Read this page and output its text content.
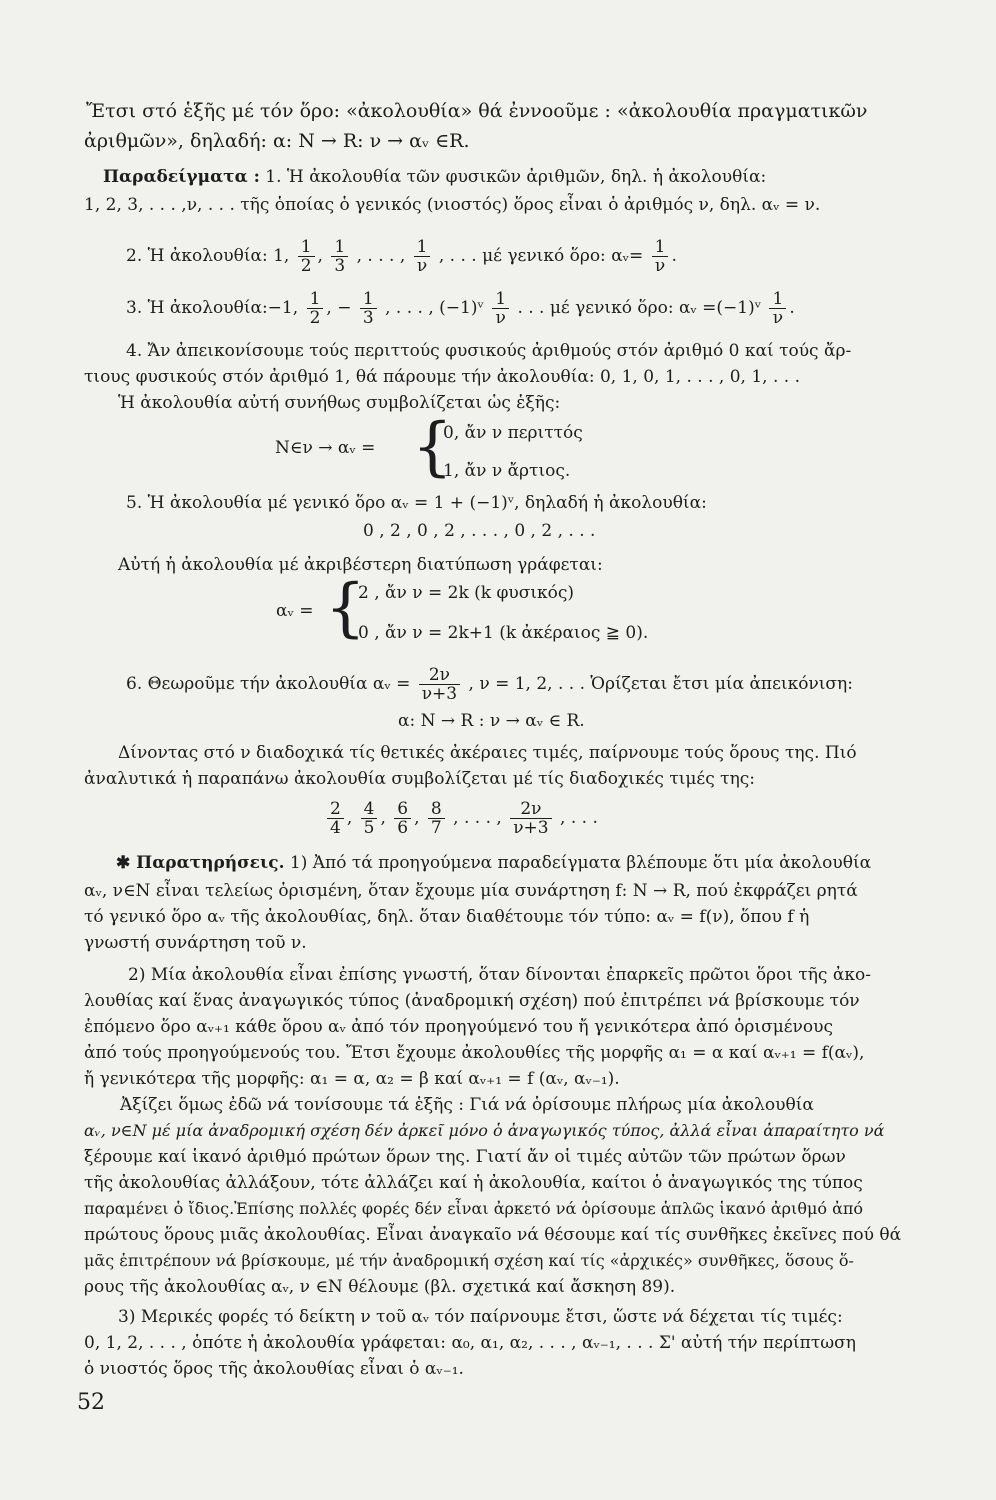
Ἔτσι στό ἑξῆς μέ τόν ὅρο: «ἀκολουθία» θά ἐννοοῦμε : «ἀκολουθία πραγματικῶν
ἀριθμῶν», δηλαδή: α: N → R: ν → αᵥ ∈R.
Παραδείγματα : 1. Ἡ ἀκολουθία τῶν φυσικῶν ἀριθμῶν, δηλ. ἡ ἀκολουθία:
1, 2, 3, . . . ,ν, . . . τῆς ὁποίας ὁ γενικός (νιοστός) ὅρος εἶναι ὁ ἀριθμός ν, δηλ. αᵥ = ν.
2. Ἡ ἀκολουθία: 1, $\frac{1}{2}$ , $\frac{1}{3}$ , . . . , $\frac{1}{\nu}$ , . . . μέ γενικό ὅρο: αᵥ= $\frac{1}{\nu}$ .
3. Ἡ ἀκολουθία:−1, $\frac{1}{2}$ , − $\frac{1}{3}$ , . . . , (−1)ᵛ $\frac{1}{\nu}$ . . . μέ γενικό ὅρο: αᵥ =(−1)ᵛ $\frac{1}{\nu}$ .
4. Ἄν ἀπεικονίσουμε τούς περιττούς φυσικούς ἀριθμούς στόν ἀριθμό 0 καί τούς ἄρ-
τιους φυσικούς στόν ἀριθμό 1, θά πάρουμε τήν ἀκολουθία: 0, 1, 0, 1, . . . , 0, 1, . . .
Ἡ ἀκολουθία αὐτή συνήθως συμβολίζεται ὡς ἑξῆς:
N∈ν → αᵥ = {
0, ἄν ν περιττός
1, ἄν ν ἄρτιος.
5. Ἡ ἀκολουθία μέ γενικό ὅρο αᵥ = 1 + (−1)ᵛ, δηλαδή ἡ ἀκολουθία:
0 , 2 , 0 , 2 , . . . , 0 , 2 , . . .
Αὐτή ἡ ἀκολουθία μέ ἀκριβέστερη διατύπωση γράφεται:
αᵥ = {
2 , ἄν ν = 2k (k φυσικός)
0 , ἄν ν = 2k+1 (k ἀκέραιος ≧ 0).
6. Θεωροῦμε τήν ἀκολουθία αᵥ = $\frac{2\nu}{\nu+3}$ , ν = 1, 2, . . . Ὁρίζεται ἔτσι μία ἀπεικόνιση:
α: N → R : ν → αᵥ ∈ R.
Δίνοντας στό ν διαδοχικά τίς θετικές ἀκέραιες τιμές, παίρνουμε τούς ὅρους της. Πιό
ἀναλυτικά ἡ παραπάνω ἀκολουθία συμβολίζεται μέ τίς διαδοχικές τιμές της:
$\frac{2}{4}$ , $\frac{4}{5}$ , $\frac{6}{6}$ , $\frac{8}{7}$ , . . . , $\frac{2\nu}{\nu+3}$ , . . .
✱ Παρατηρήσεις. 1) Ἀπό τά προηγούμενα παραδείγματα βλέπουμε ὅτι μία ἀκολουθία
αᵥ, ν∈N εἶναι τελείως ὁρισμένη, ὅταν ἔχουμε μία συνάρτηση f: N → R, πού ἐκφράζει ρητά
τό γενικό ὅρο αᵥ τῆς ἀκολουθίας, δηλ. ὅταν διαθέτουμε τόν τύπο: αᵥ = f(ν), ὅπου f ἡ
γνωστή συνάρτηση τοῦ ν.
2) Μία ἀκολουθία εἶναι ἐπίσης γνωστή, ὅταν δίνονται ἐπαρκεῖς πρῶτοι ὅροι τῆς ἀκο-
λουθίας καί ἕνας ἀναγωγικός τύπος (ἀναδρομική σχέση) πού ἐπιτρέπει νά βρίσκουμε τόν
ἑπόμενο ὅρο αᵥ₊₁ κάθε ὅρου αᵥ ἀπό τόν προηγούμενό του ἤ γενικότερα ἀπό ὁρισμένους
ἀπό τούς προηγούμενούς του. Ἔτσι ἔχουμε ἀκολουθίες τῆς μορφῆς α₁ = α καί αᵥ₊₁ = f(αᵥ),
ἤ γενικότερα τῆς μορφῆς: α₁ = α, α₂ = β καί αᵥ₊₁ = f (αᵥ, αᵥ₋₁).
Ἀξίζει ὅμως ἐδῶ νά τονίσουμε τά ἑξῆς : Γιά νά ὁρίσουμε πλήρως μία ἀκολουθία
αᵥ, ν∈N μέ μία ἀναδρομική σχέση δέν ἀρκεῖ μόνο ὁ ἀναγωγικός τύπος, ἀλλά εἶναι ἀπαραίτητο νά
ξέρουμε καί ἱκανό ἀριθμό πρώτων ὅρων της. Γιατί ἄν οἱ τιμές αὐτῶν τῶν πρώτων ὅρων
τῆς ἀκολουθίας ἀλλάξουν, τότε ἀλλάζει καί ἡ ἀκολουθία, καίτοι ὁ ἀναγωγικός της τύπος
παραμένει ὁ ἴδιος.Ἐπίσης πολλές φορές δέν εἶναι ἀρκετό νά ὁρίσουμε ἁπλῶς ἱκανό ἀριθμό ἀπό
πρώτους ὅρους μιᾶς ἀκολουθίας. Εἶναι ἀναγκαῖο νά θέσουμε καί τίς συνθῆκες ἐκεῖνες πού θά
μᾶς ἐπιτρέπουν νά βρίσκουμε, μέ τήν ἀναδρομική σχέση καί τίς «ἀρχικές» συνθῆκες, ὅσους ὅ-
ρους τῆς ἀκολουθίας αᵥ, ν ∈N θέλουμε (βλ. σχετικά καί ἄσκηση 89).
3) Μερικές φορές τό δείκτη ν τοῦ αᵥ τόν παίρνουμε ἔτσι, ὥστε νά δέχεται τίς τιμές:
0, 1, 2, . . . , ὁπότε ἡ ἀκολουθία γράφεται: α₀, α₁, α₂, . . . , αᵥ₋₁, . . . Σ' αὐτή τήν περίπτωση
ὁ νιοστός ὅρος τῆς ἀκολουθίας εἶναι ὁ αᵥ₋₁.
52
